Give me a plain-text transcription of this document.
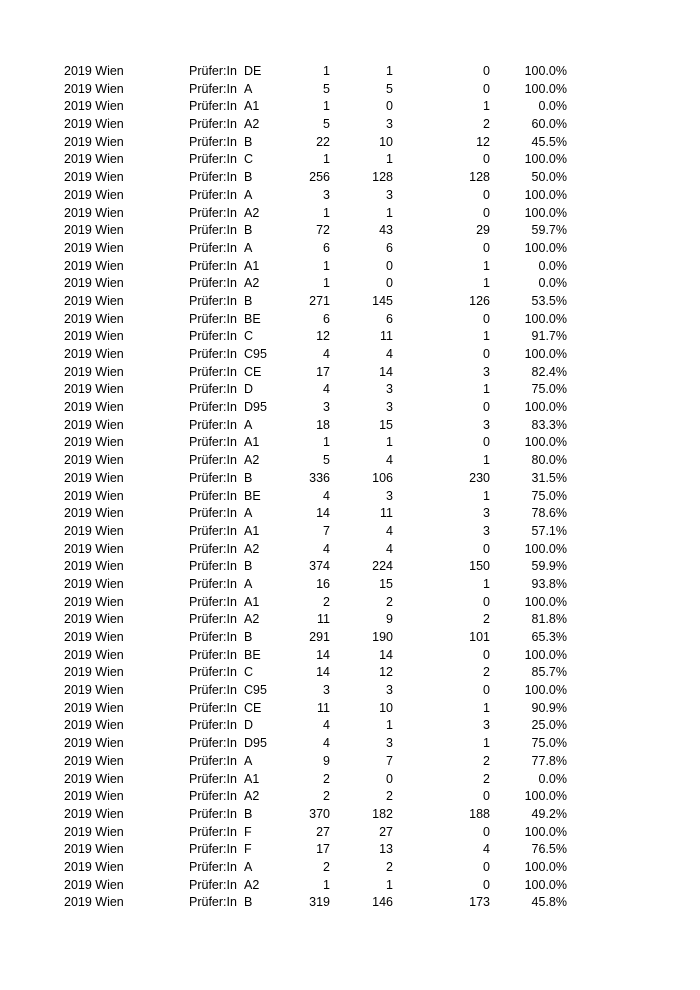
2019 Wien	Prüfer:In DE	1	1	0	100.0%
2019 Wien	Prüfer:In A	5	5	0	100.0%
2019 Wien	Prüfer:In A1	1	0	1	0.0%
2019 Wien	Prüfer:In A2	5	3	2	60.0%
2019 Wien	Prüfer:In B	22	10	12	45.5%
2019 Wien	Prüfer:In C	1	1	0	100.0%
2019 Wien	Prüfer:In B	256	128	128	50.0%
2019 Wien	Prüfer:In A	3	3	0	100.0%
2019 Wien	Prüfer:In A2	1	1	0	100.0%
2019 Wien	Prüfer:In B	72	43	29	59.7%
2019 Wien	Prüfer:In A	6	6	0	100.0%
2019 Wien	Prüfer:In A1	1	0	1	0.0%
2019 Wien	Prüfer:In A2	1	0	1	0.0%
2019 Wien	Prüfer:In B	271	145	126	53.5%
2019 Wien	Prüfer:In BE	6	6	0	100.0%
2019 Wien	Prüfer:In C	12	11	1	91.7%
2019 Wien	Prüfer:In C95	4	4	0	100.0%
2019 Wien	Prüfer:In CE	17	14	3	82.4%
2019 Wien	Prüfer:In D	4	3	1	75.0%
2019 Wien	Prüfer:In D95	3	3	0	100.0%
2019 Wien	Prüfer:In A	18	15	3	83.3%
2019 Wien	Prüfer:In A1	1	1	0	100.0%
2019 Wien	Prüfer:In A2	5	4	1	80.0%
2019 Wien	Prüfer:In B	336	106	230	31.5%
2019 Wien	Prüfer:In BE	4	3	1	75.0%
2019 Wien	Prüfer:In A	14	11	3	78.6%
2019 Wien	Prüfer:In A1	7	4	3	57.1%
2019 Wien	Prüfer:In A2	4	4	0	100.0%
2019 Wien	Prüfer:In B	374	224	150	59.9%
2019 Wien	Prüfer:In A	16	15	1	93.8%
2019 Wien	Prüfer:In A1	2	2	0	100.0%
2019 Wien	Prüfer:In A2	11	9	2	81.8%
2019 Wien	Prüfer:In B	291	190	101	65.3%
2019 Wien	Prüfer:In BE	14	14	0	100.0%
2019 Wien	Prüfer:In C	14	12	2	85.7%
2019 Wien	Prüfer:In C95	3	3	0	100.0%
2019 Wien	Prüfer:In CE	11	10	1	90.9%
2019 Wien	Prüfer:In D	4	1	3	25.0%
2019 Wien	Prüfer:In D95	4	3	1	75.0%
2019 Wien	Prüfer:In A	9	7	2	77.8%
2019 Wien	Prüfer:In A1	2	0	2	0.0%
2019 Wien	Prüfer:In A2	2	2	0	100.0%
2019 Wien	Prüfer:In B	370	182	188	49.2%
2019 Wien	Prüfer:In F	27	27	0	100.0%
2019 Wien	Prüfer:In F	17	13	4	76.5%
2019 Wien	Prüfer:In A	2	2	0	100.0%
2019 Wien	Prüfer:In A2	1	1	0	100.0%
2019 Wien	Prüfer:In B	319	146	173	45.8%
